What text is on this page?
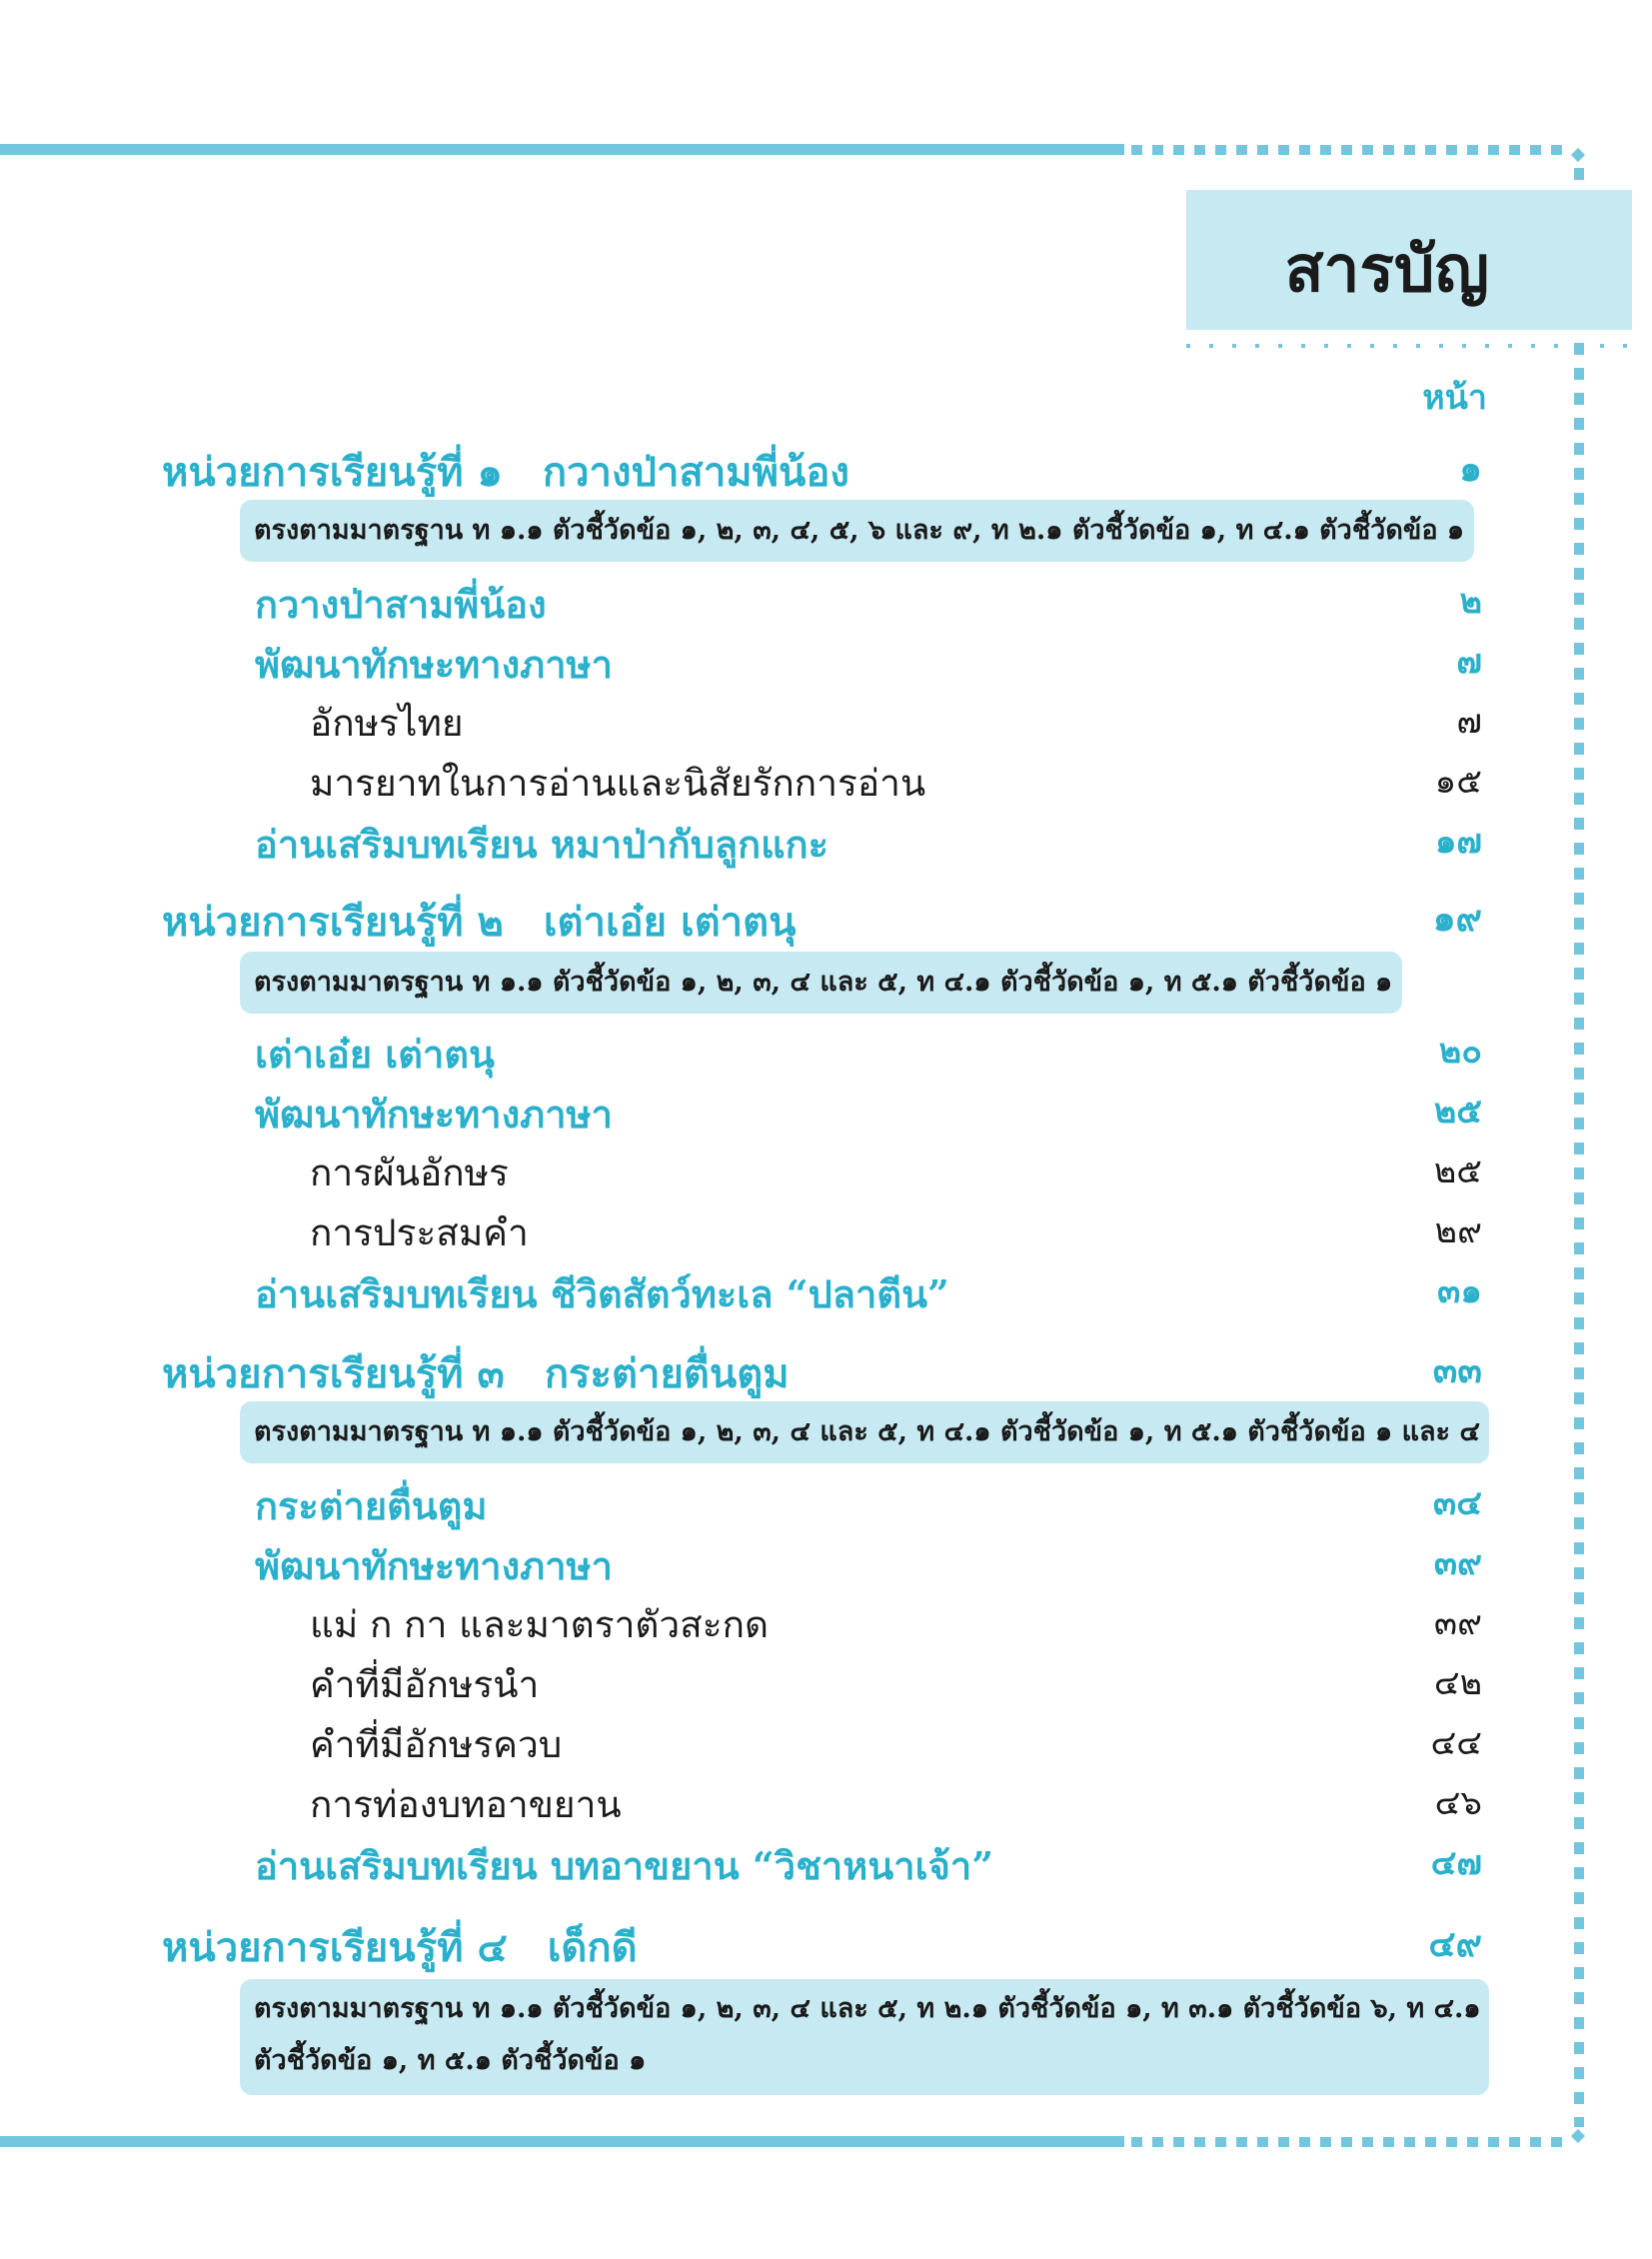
สารบัญ
หน้า
หน่วยการเรียนรู้ที่ ๑ กวางป่าสามพี่น้อง	๑
ตรงตามมาตรฐาน ท ๑.๑ ตัวชี้วัดข้อ ๑, ๒, ๓, ๔, ๕, ๖ และ ๙, ท ๒.๑ ตัวชี้วัดข้อ ๑, ท ๔.๑ ตัวชี้วัดข้อ ๑
กวางป่าสามพี่น้อง	๒
พัฒนาทักษะทางภาษา	๗
อักษรไทย	๗
มารยาทในการอ่านและนิสัยรักการอ่าน	๑๕
อ่านเสริมบทเรียน หมาป่ากับลูกแกะ	๑๗
หน่วยการเรียนรู้ที่ ๒ เต่าเอ๋ย เต่าตนุ	๑๙
ตรงตามมาตรฐาน ท ๑.๑ ตัวชี้วัดข้อ ๑, ๒, ๓, ๔ และ ๕, ท ๔.๑ ตัวชี้วัดข้อ ๑, ท ๕.๑ ตัวชี้วัดข้อ ๑
เต่าเอ๋ย เต่าตนุ	๒๐
พัฒนาทักษะทางภาษา	๒๕
การผันอักษร	๒๕
การประสมคำ	๒๙
อ่านเสริมบทเรียน ชีวิตสัตว์ทะเล “ปลาตีน”	๓๑
หน่วยการเรียนรู้ที่ ๓ กระต่ายตื่นตูม	๓๓
ตรงตามมาตรฐาน ท ๑.๑ ตัวชี้วัดข้อ ๑, ๒, ๓, ๔ และ ๕, ท ๔.๑ ตัวชี้วัดข้อ ๑, ท ๕.๑ ตัวชี้วัดข้อ ๑ และ ๔
กระต่ายตื่นตูม	๓๔
พัฒนาทักษะทางภาษา	๓๙
แม่ ก กา และมาตราตัวสะกด	๓๙
คำที่มีอักษรนำ	๔๒
คำที่มีอักษรควบ	๔๔
การท่องบทอาขยาน	๔๖
อ่านเสริมบทเรียน บทอาขยาน “วิชาหนาเจ้า”	๔๗
หน่วยการเรียนรู้ที่ ๔ เด็กดี	๔๙
ตรงตามมาตรฐาน ท ๑.๑ ตัวชี้วัดข้อ ๑, ๒, ๓, ๔ และ ๕, ท ๒.๑ ตัวชี้วัดข้อ ๑, ท ๓.๑ ตัวชี้วัดข้อ ๖, ท ๔.๑
ตัวชี้วัดข้อ ๑, ท ๕.๑ ตัวชี้วัดข้อ ๑
